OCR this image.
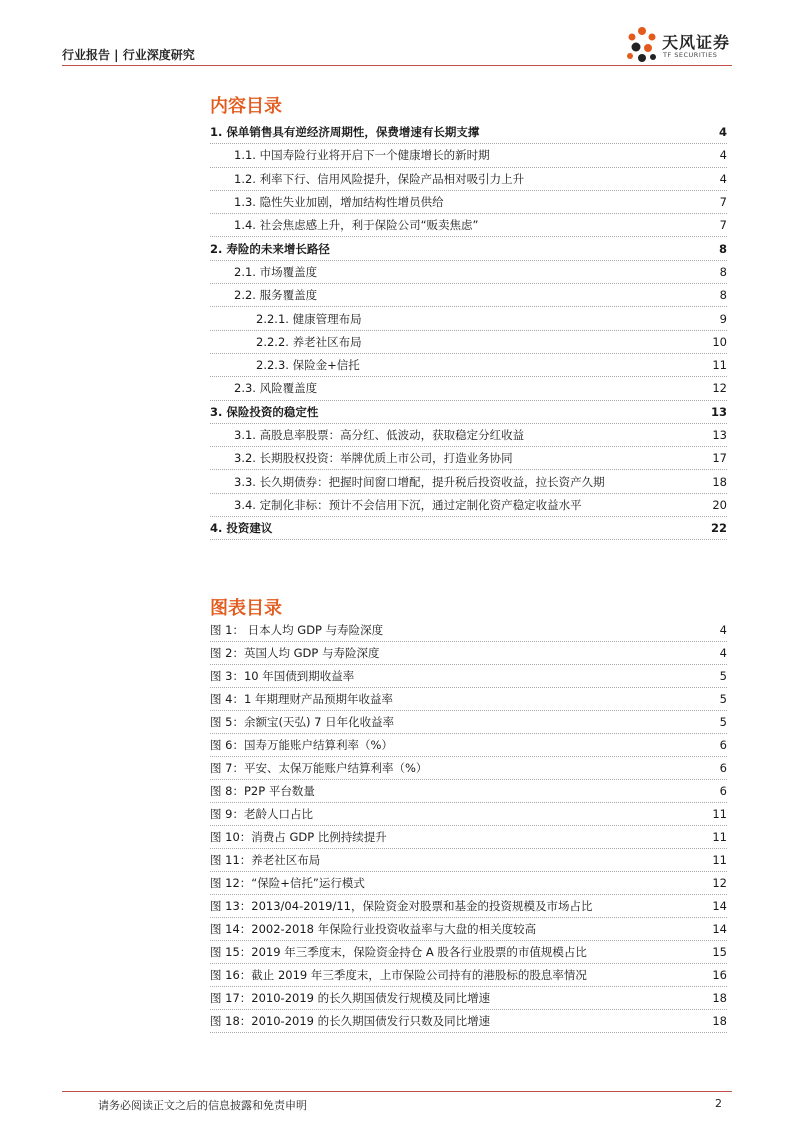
行业报告 | 行业深度研究
天风证券
TF SECURITIES
内容目录
1. 保单销售具有逆经济周期性，保费增速有长期支撑	4
1.1. 中国寿险行业将开启下一个健康增长的新时期	4
1.2. 利率下行、信用风险提升，保险产品相对吸引力上升	4
1.3. 隐性失业加剧，增加结构性增员供给	7
1.4. 社会焦虑感上升，利于保险公司“贩卖焦虑”	7
2. 寿险的未来增长路径	8
2.1. 市场覆盖度	8
2.2. 服务覆盖度	8
2.2.1. 健康管理布局	9
2.2.2. 养老社区布局	10
2.2.3. 保险金+信托	11
2.3. 风险覆盖度	12
3. 保险投资的稳定性	13
3.1. 高股息率股票：高分红、低波动，获取稳定分红收益	13
3.2. 长期股权投资：举牌优质上市公司，打造业务协同	17
3.3. 长久期债券：把握时间窗口增配，提升税后投资收益，拉长资产久期	18
3.4. 定制化非标：预计不会信用下沉，通过定制化资产稳定收益水平	20
4. 投资建议	22
图表目录
图 1： 日本人均 GDP 与寿险深度	4
图 2：英国人均 GDP 与寿险深度	4
图 3：10 年国债到期收益率	5
图 4：1 年期理财产品预期年收益率	5
图 5：余额宝(天弘) 7 日年化收益率	5
图 6：国寿万能账户结算利率（%）	6
图 7：平安、太保万能账户结算利率（%）	6
图 8：P2P 平台数量	6
图 9：老龄人口占比	11
图 10：消费占 GDP 比例持续提升	11
图 11：养老社区布局	11
图 12：“保险+信托”运行模式	12
图 13：2013/04-2019/11，保险资金对股票和基金的投资规模及市场占比	14
图 14：2002-2018 年保险行业投资收益率与大盘的相关度较高	14
图 15：2019 年三季度末，保险资金持仓 A 股各行业股票的市值规模占比	15
图 16：截止 2019 年三季度末，上市保险公司持有的港股标的股息率情况	16
图 17：2010-2019 的长久期国债发行规模及同比增速	18
图 18：2010-2019 的长久期国债发行只数及同比增速	18
请务必阅读正文之后的信息披露和免责申明	2
